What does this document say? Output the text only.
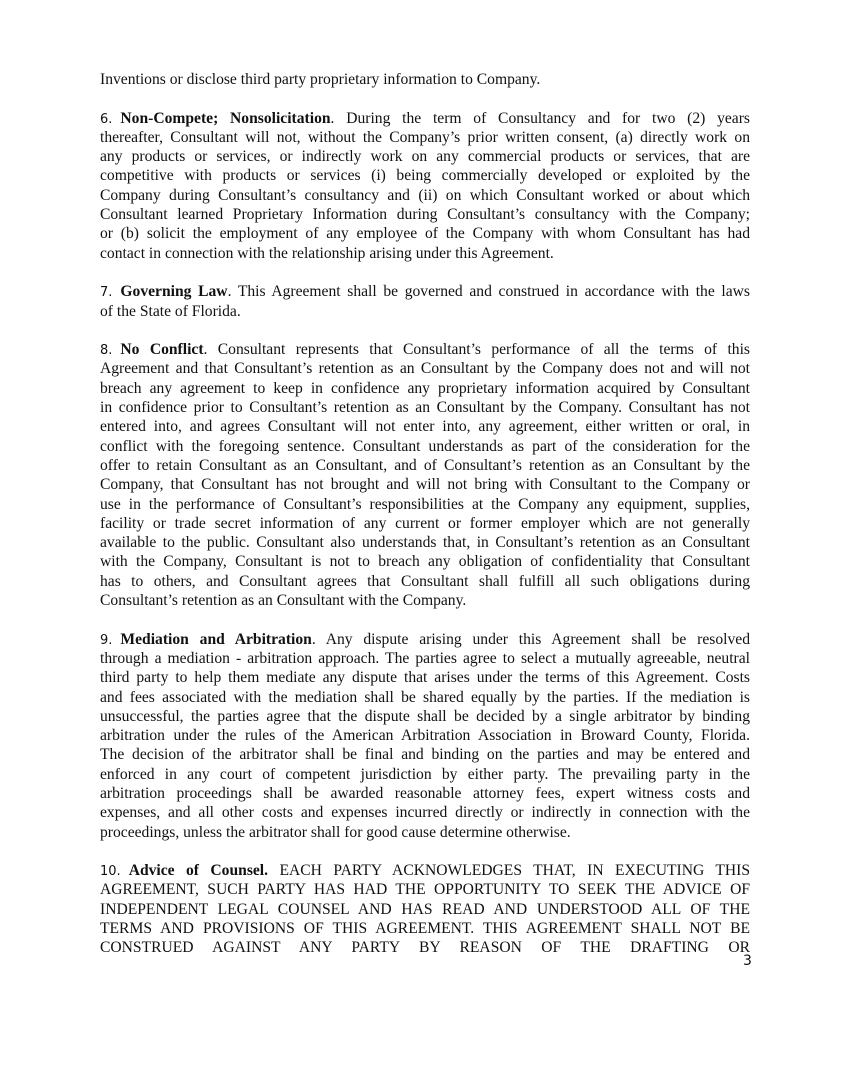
Inventions or disclose third party proprietary information to Company.
6. Non-Compete; Nonsolicitation. During the term of Consultancy and for two (2) years
thereafter, Consultant will not, without the Company’s prior written consent, (a) directly work on
any products or services, or indirectly work on any commercial products or services, that are
competitive with products or services (i) being commercially developed or exploited by the
Company during Consultant’s consultancy and (ii) on which Consultant worked or about which
Consultant learned Proprietary Information during Consultant’s consultancy with the Company;
or (b) solicit the employment of any employee of the Company with whom Consultant has had
contact in connection with the relationship arising under this Agreement.
7. Governing Law. This Agreement shall be governed and construed in accordance with the laws
of the State of Florida.
8. No Conflict. Consultant represents that Consultant’s performance of all the terms of this
Agreement and that Consultant’s retention as an Consultant by the Company does not and will not
breach any agreement to keep in confidence any proprietary information acquired by Consultant
in confidence prior to Consultant’s retention as an Consultant by the Company. Consultant has not
entered into, and agrees Consultant will not enter into, any agreement, either written or oral, in
conflict with the foregoing sentence. Consultant understands as part of the consideration for the
offer to retain Consultant as an Consultant, and of Consultant’s retention as an Consultant by the
Company, that Consultant has not brought and will not bring with Consultant to the Company or
use in the performance of Consultant’s responsibilities at the Company any equipment, supplies,
facility or trade secret information of any current or former employer which are not generally
available to the public. Consultant also understands that, in Consultant’s retention as an Consultant
with the Company, Consultant is not to breach any obligation of confidentiality that Consultant
has to others, and Consultant agrees that Consultant shall fulfill all such obligations during
Consultant’s retention as an Consultant with the Company.
9. Mediation and Arbitration. Any dispute arising under this Agreement shall be resolved
through a mediation - arbitration approach. The parties agree to select a mutually agreeable, neutral
third party to help them mediate any dispute that arises under the terms of this Agreement. Costs
and fees associated with the mediation shall be shared equally by the parties. If the mediation is
unsuccessful, the parties agree that the dispute shall be decided by a single arbitrator by binding
arbitration under the rules of the American Arbitration Association in Broward County, Florida.
The decision of the arbitrator shall be final and binding on the parties and may be entered and
enforced in any court of competent jurisdiction by either party. The prevailing party in the
arbitration proceedings shall be awarded reasonable attorney fees, expert witness costs and
expenses, and all other costs and expenses incurred directly or indirectly in connection with the
proceedings, unless the arbitrator shall for good cause determine otherwise.
10. Advice of Counsel. EACH PARTY ACKNOWLEDGES THAT, IN EXECUTING THIS
AGREEMENT, SUCH PARTY HAS HAD THE OPPORTUNITY TO SEEK THE ADVICE OF
INDEPENDENT LEGAL COUNSEL AND HAS READ AND UNDERSTOOD ALL OF THE
TERMS AND PROVISIONS OF THIS AGREEMENT. THIS AGREEMENT SHALL NOT BE
CONSTRUED AGAINST ANY PARTY BY REASON OF THE DRAFTING OR
3
